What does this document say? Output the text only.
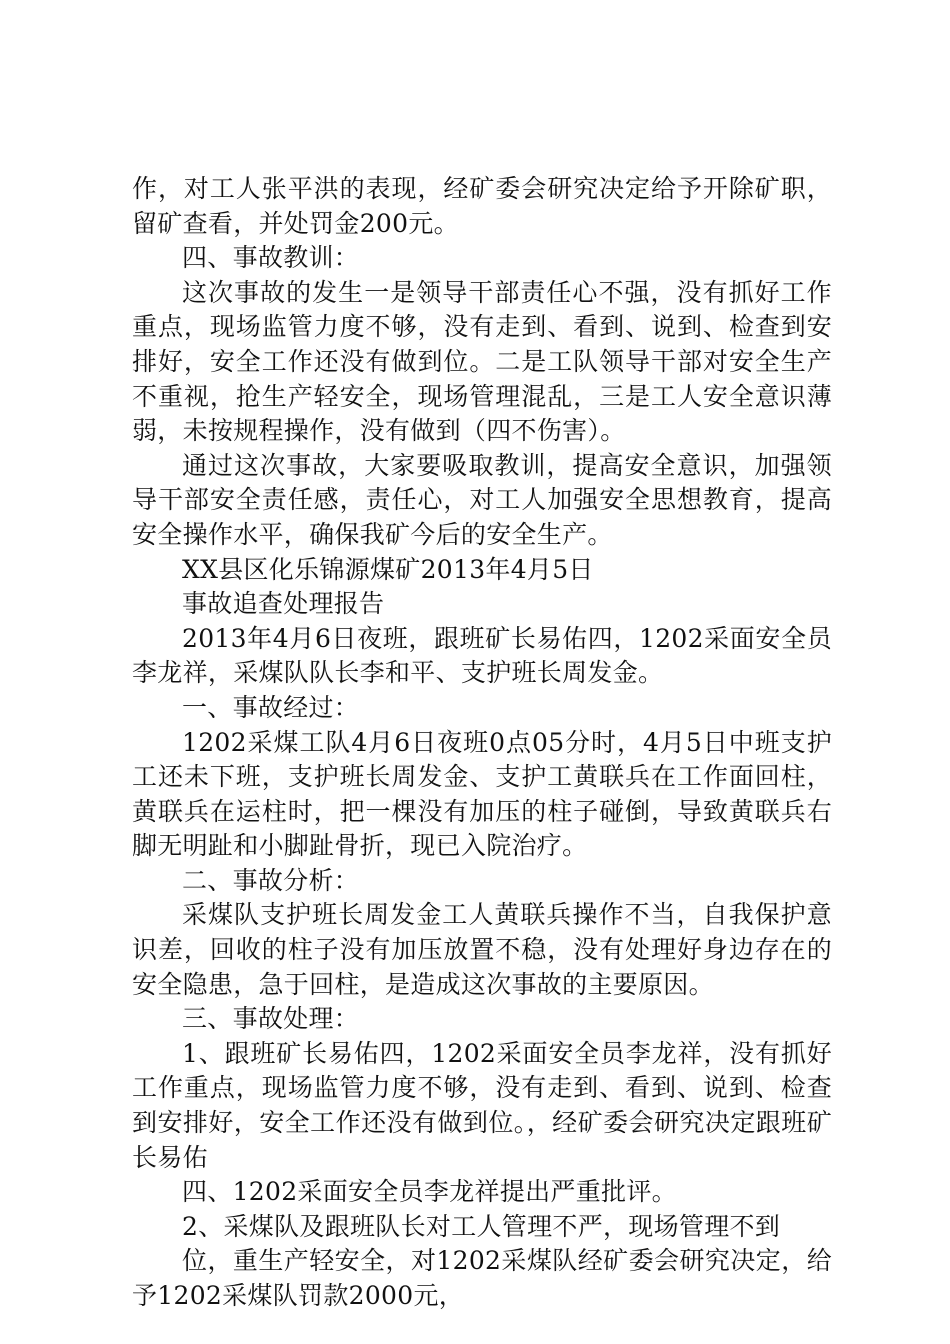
作，对工人张平洪的表现，经矿委会研究决定给予开除矿职，留矿查看，并处罚金200元。

四、事故教训：

这次事故的发生一是领导干部责任心不强，没有抓好工作重点，现场监管力度不够，没有走到、看到、说到、检查到安排好，安全工作还没有做到位。二是工队领导干部对安全生产不重视，抢生产轻安全，现场管理混乱，三是工人安全意识薄弱，未按规程操作，没有做到（四不伤害）。

通过这次事故，大家要吸取教训，提高安全意识，加强领导干部安全责任感，责任心，对工人加强安全思想教育，提高安全操作水平，确保我矿今后的安全生产。

XX县区化乐锦源煤矿2013年4月5日

事故追查处理报告

2013年4月6日夜班，跟班矿长易佑四，1202采面安全员李龙祥，采煤队队长李和平、支护班长周发金。

一、事故经过：

1202采煤工队4月6日夜班0点05分时，4月5日中班支护工还未下班，支护班长周发金、支护工黄联兵在工作面回柱，黄联兵在运柱时，把一棵没有加压的柱子碰倒，导致黄联兵右脚无明趾和小脚趾骨折，现已入院治疗。

二、事故分析：

采煤队支护班长周发金工人黄联兵操作不当，自我保护意识差，回收的柱子没有加压放置不稳，没有处理好身边存在的安全隐患，急于回柱，是造成这次事故的主要原因。

三、事故处理：

1、跟班矿长易佑四，1202采面安全员李龙祥，没有抓好工作重点，现场监管力度不够，没有走到、看到、说到、检查到安排好，安全工作还没有做到位。，经矿委会研究决定跟班矿长易佑

四、1202采面安全员李龙祥提出严重批评。

2、采煤队及跟班队长对工人管理不严，现场管理不到

位，重生产轻安全，对1202采煤队经矿委会研究决定，给予1202采煤队罚款2000元，
